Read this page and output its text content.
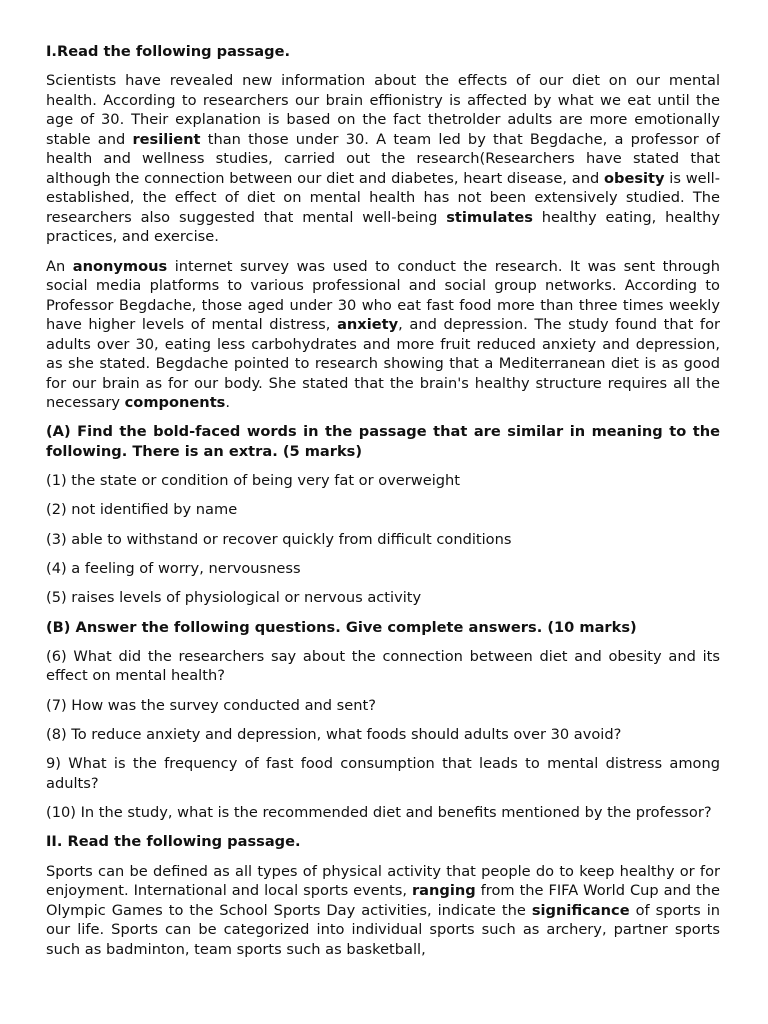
I.Read the following passage.

Scientists have revealed new information about the effects of our diet on our mental health. According to researchers our brain effionistry is affected by what we eat until the age of 30. Their explanation is based on the fact thetrolder adults are more emotionally stable and resilient than those under 30. A team led by that Begdache, a professor of health and wellness studies, carried out the research(Researchers have stated that although the connection between our diet and diabetes, heart disease, and obesity is well-established, the effect of diet on mental health has not been extensively studied. The researchers also suggested that mental well-being stimulates healthy eating, healthy practices, and exercise.

An anonymous internet survey was used to conduct the research. It was sent through social media platforms to various professional and social group networks. According to Professor Begdache, those aged under 30 who eat fast food more than three times weekly have higher levels of mental distress, anxiety, and depression. The study found that for adults over 30, eating less carbohydrates and more fruit reduced anxiety and depression, as she stated. Begdache pointed to research showing that a Mediterranean diet is as good for our brain as for our body. She stated that the brain's healthy structure requires all the necessary components.

(A) Find the bold-faced words in the passage that are similar in meaning to the following. There is an extra. (5 marks)

(1) the state or condition of being very fat or overweight

(2) not identified by name

(3) able to withstand or recover quickly from difficult conditions

(4) a feeling of worry, nervousness

(5) raises levels of physiological or nervous activity

(B) Answer the following questions. Give complete answers. (10 marks)

(6) What did the researchers say about the connection between diet and obesity and its effect on mental health?

(7) How was the survey conducted and sent?

(8) To reduce anxiety and depression, what foods should adults over 30 avoid?

9) What is the frequency of fast food consumption that leads to mental distress among adults?

(10) In the study, what is the recommended diet and benefits mentioned by the professor?

II. Read the following passage.

Sports can be defined as all types of physical activity that people do to keep healthy or for enjoyment. International and local sports events, ranging from the FIFA World Cup and the Olympic Games to the School Sports Day activities, indicate the significance of sports in our life. Sports can be categorized into individual sports such as archery, partner sports such as badminton, team sports such as basketball,
